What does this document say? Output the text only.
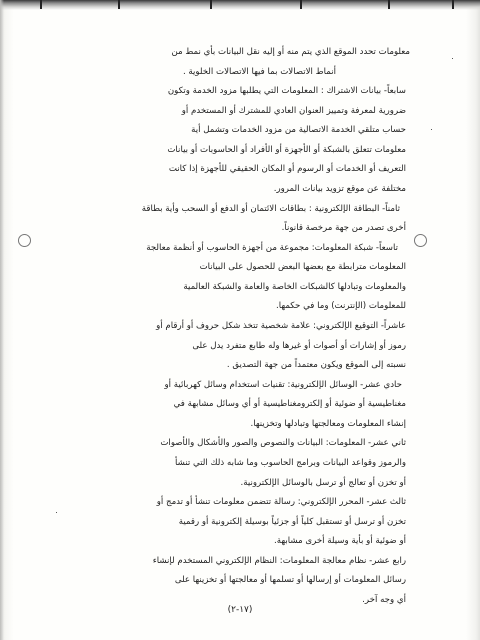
معلومات تحدد الموقع الذي يتم منه أو إليه نقل البيانات بأي نمط من
أنماط الاتصالات بما فيها الاتصالات الخلوية .
سابعاً- بيانات الاشتراك : المعلومات التي يطلبها مزود الخدمة وتكون
ضرورية لمعرفة وتمييز العنوان العادي للمشترك أو المستخدم أو
حساب متلقي الخدمة الاتصالية من مزود الخدمات وتشمل أية
معلومات تتعلق بالشبكة أو الأجهزة أو الأفراد أو الحاسوبات أو بيانات
التعريف أو الخدمات أو الرسوم أو المكان الحقيقي للأجهزة إذا كانت
مختلفة عن موقع تزويد بيانات المرور.
ثامناً- البطاقة الإلكترونية : بطاقات الائتمان أو الدفع أو السحب وأية بطاقة
أخرى تصدر من جهة مرخصة قانوناً.
تاسعاً- شبكة المعلومات: مجموعة من أجهزة الحاسوب أو أنظمة معالجة
المعلومات مترابطة مع بعضها البعض للحصول على البيانات
والمعلومات وتبادلها كالشبكات الخاصة والعامة والشبكة العالمية
للمعلومات (الإنترنت) وما في حكمها.
عاشراً- التوقيع الإلكتروني: علامة شخصية تتخذ شكل حروف أو أرقام أو
رموز أو إشارات أو أصوات أو غيرها وله طابع متفرد يدل على
نسبته إلى الموقع ويكون معتمداً من جهة التصديق .
حادي عشر- الوسائل الإلكترونية: تقنيات استخدام وسائل كهربائية أو
مغناطيسية أو ضوئية أو إلكترومغناطيسية أو أي وسائل مشابهة في
إنشاء المعلومات ومعالجتها وتبادلها وتخزينها.
ثاني عشر- المعلومات: البيانات والنصوص والصور والأشكال والأصوات
والرموز وقواعد البيانات وبرامج الحاسوب وما شابه ذلك التي تنشأ
أو تخزن أو تعالج أو ترسل بالوسائل الإلكترونية.
ثالث عشر- المحرر الإلكتروني: رسالة تتضمن معلومات تنشأ أو تدمج أو
تخزن أو ترسل أو تستقبل كلياً أو جزئياً بوسيلة إلكترونية أو رقمية
أو ضوئية أو بأية وسيلة أخرى مشابهة.
رابع عشر- نظام معالجة المعلومات: النظام الإلكتروني المستخدم لإنشاء
رسائل المعلومات أو إرسالها أو تسلمها أو معالجتها أو تخزينها على
أي وجه آخر.
(١٧-٢)
